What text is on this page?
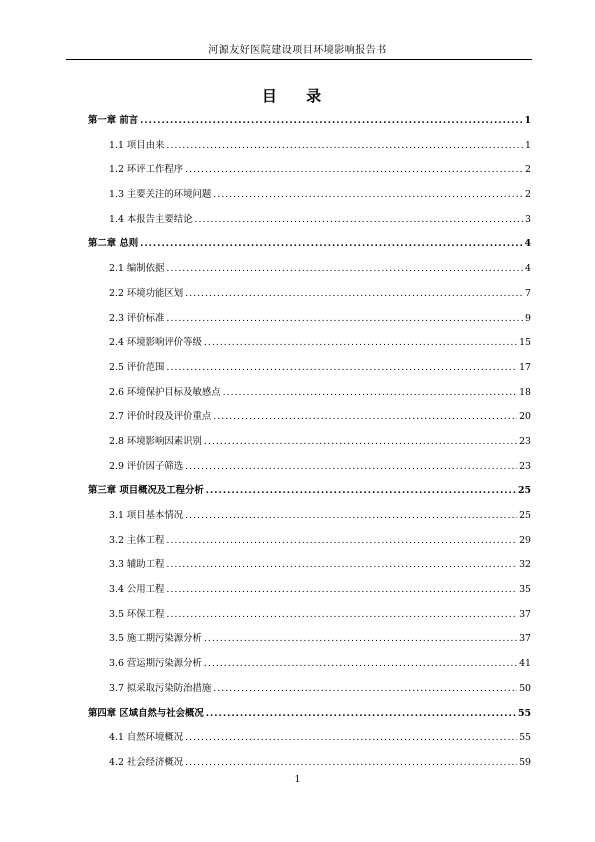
河源友好医院建设项目环境影响报告书
目 录
第一章 前言 .....	1
1.1 项目由来 .....	1
1.2 环评工作程序 .....	2
1.3 主要关注的环境问题 .....	2
1.4 本报告主要结论 .....	3
第二章 总则 .....	4
2.1 编制依据 .....	4
2.2 环境功能区划 .....	7
2.3 评价标准 .....	9
2.4 环境影响评价等级 .....	15
2.5 评价范围 .....	17
2.6 环境保护目标及敏感点 .....	18
2.7 评价时段及评价重点 .....	20
2.8 环境影响因素识别 .....	23
2.9 评价因子筛选 .....	23
第三章 项目概况及工程分析 .....	25
3.1 项目基本情况 .....	25
3.2 主体工程 .....	29
3.3 辅助工程 .....	32
3.4 公用工程 .....	35
3.5 环保工程 .....	37
3.5 施工期污染源分析 .....	37
3.6 营运期污染源分析 .....	41
3.7 拟采取污染防治措施 .....	50
第四章 区域自然与社会概况 .....	55
4.1 自然环境概况 .....	55
4.2 社会经济概况 .....	59
1
